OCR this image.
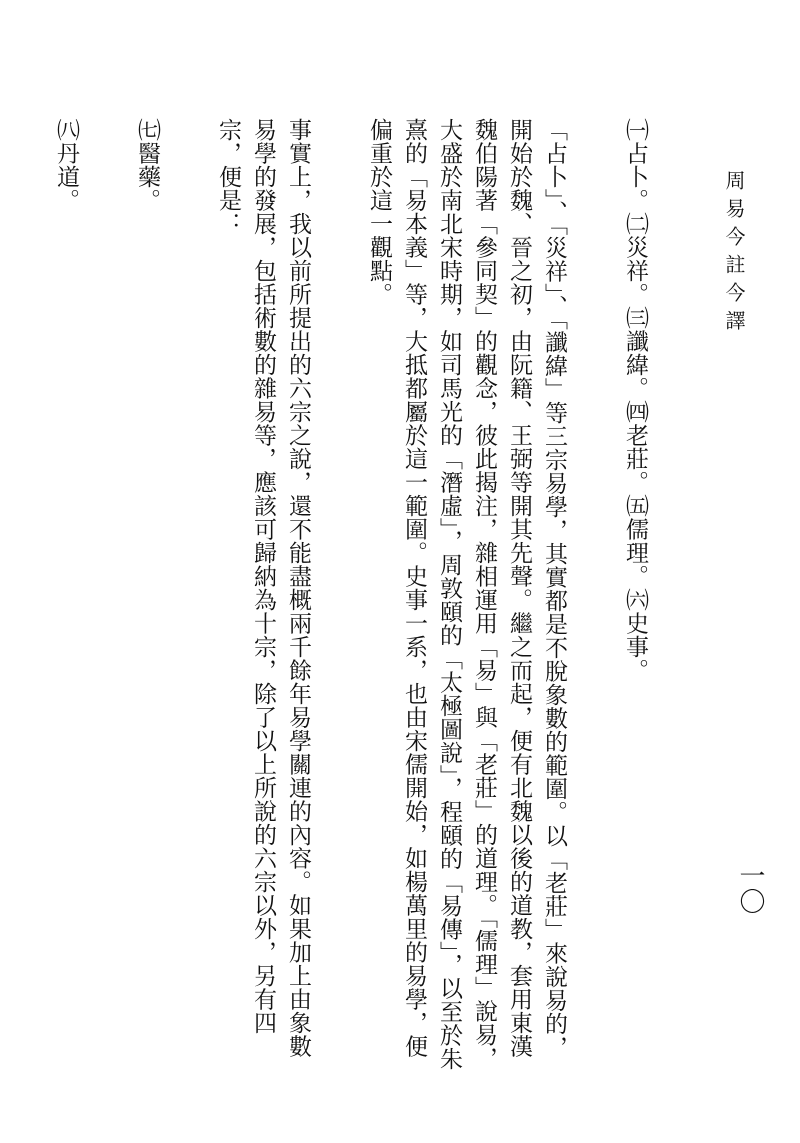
周易今註今譯
一〇

㈠占卜。㈡災祥。㈢讖緯。㈣老莊。㈤儒理。㈥史事。

「占卜」、「災祥」、「讖緯」等三宗易學，其實都是不脫象數的範圍。以「老莊」來說易的，開始於魏、晉之初，由阮籍、王弼等開其先聲。繼之而起，便有北魏以後的道教，套用東漢魏伯陽著「參同契」的觀念，彼此揭注，雜相運用「易」與「老莊」的道理。「儒理」說易，大盛於南北宋時期，如司馬光的「潛虛」，周敦頤的「太極圖說」，程頤的「易傳」，以至於朱熹的「易本義」等，大抵都屬於這一範圍。史事一系，也由宋儒開始，如楊萬里的易學，便偏重於這一觀點。

事實上，我以前所提出的六宗之說，還不能盡概兩千餘年易學關連的內容。如果加上由象數易學的發展，包括術數的雜易等，應該可歸納為十宗，除了以上所說的六宗以外，另有四宗，便是：

㈦醫藥。

㈧丹道。
